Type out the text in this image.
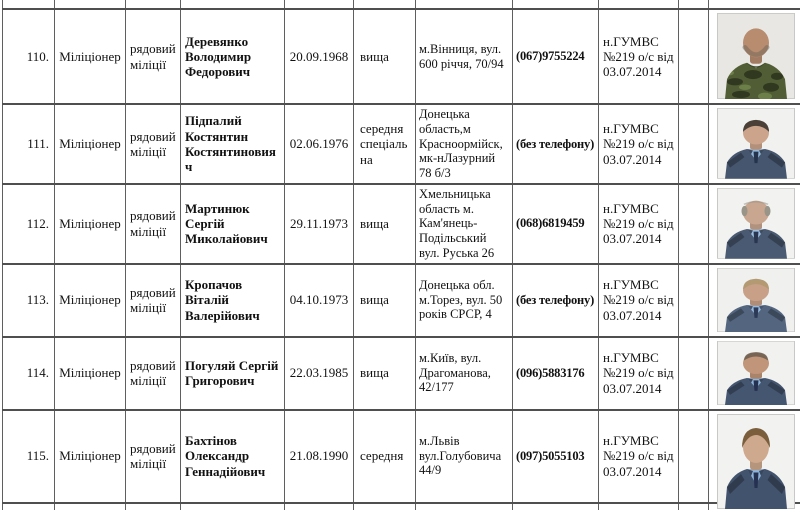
110.	Міліціонер	рядовий міліції	Деревянко Володимир Федорович	20.09.1968	вища	м.Вінниця, вул. 600 річчя, 70/94	(067)9755224	н.ГУМВС №219 о/с від 03.07.2014		

111.	Міліціонер	рядовий міліції	Підпалий Костянтин Костянтиновияч	02.06.1976	середня спеціальна	Донецька область,м Красноормійск,мк-нЛазурний 78 б/3	(без телефону)	н.ГУМВС №219 о/с від 03.07.2014		

112.	Міліціонер	рядовий міліції	Мартинюк Сергій Миколайович	29.11.1973	вища	Хмельницька область м. Кам'янець-Подільський вул. Руська 26	(068)6819459	н.ГУМВС №219 о/с від 03.07.2014		

113.	Міліціонер	рядовий міліції	Кропачов Віталій Валерійович	04.10.1973	вища	Донецька обл. м.Торез, вул. 50 років СРСР, 4	(без телефону)	н.ГУМВС №219 о/с від 03.07.2014		

114.	Міліціонер	рядовий міліції	Погуляй Сергій Григорович	22.03.1985	вища	м.Київ, вул. Драгоманова, 42/177	(096)5883176	н.ГУМВС №219 о/с від 03.07.2014		

115.	Міліціонер	рядовий міліції	Бахтінов Олександр Геннадійович	21.08.1990	середня	м.Львів вул.Голубовича 44/9	(097)5055103	н.ГУМВС №219 о/с від 03.07.2014		
